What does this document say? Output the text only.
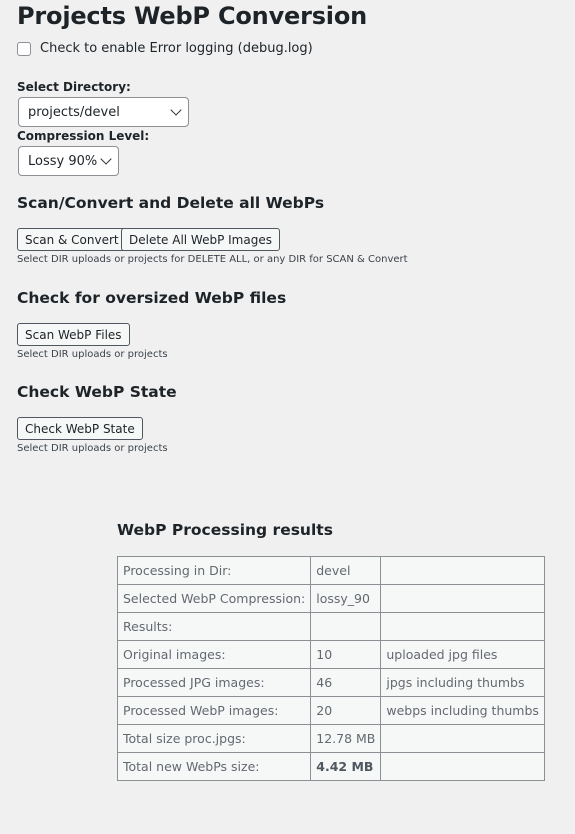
Projects WebP Conversion
Check to enable Error logging (debug.log)
Select Directory:
projects/devel
Compression Level:
Lossy 90%
Scan/Convert and Delete all WebPs
Scan & Convert Delete All WebP Images
Select DIR uploads or projects for DELETE ALL, or any DIR for SCAN & Convert
Check for oversized WebP files
Scan WebP Files
Select DIR uploads or projects
Check WebP State
Check WebP State
Select DIR uploads or projects
WebP Processing results
Processing in Dir:	devel	
Selected WebP Compression:	lossy_90	
Results:		
Original images:	10	uploaded jpg files
Processed JPG images:	46	jpgs including thumbs
Processed WebP images:	20	webps including thumbs
Total size proc.jpgs:	12.78 MB	
Total new WebPs size:	4.42 MB	
